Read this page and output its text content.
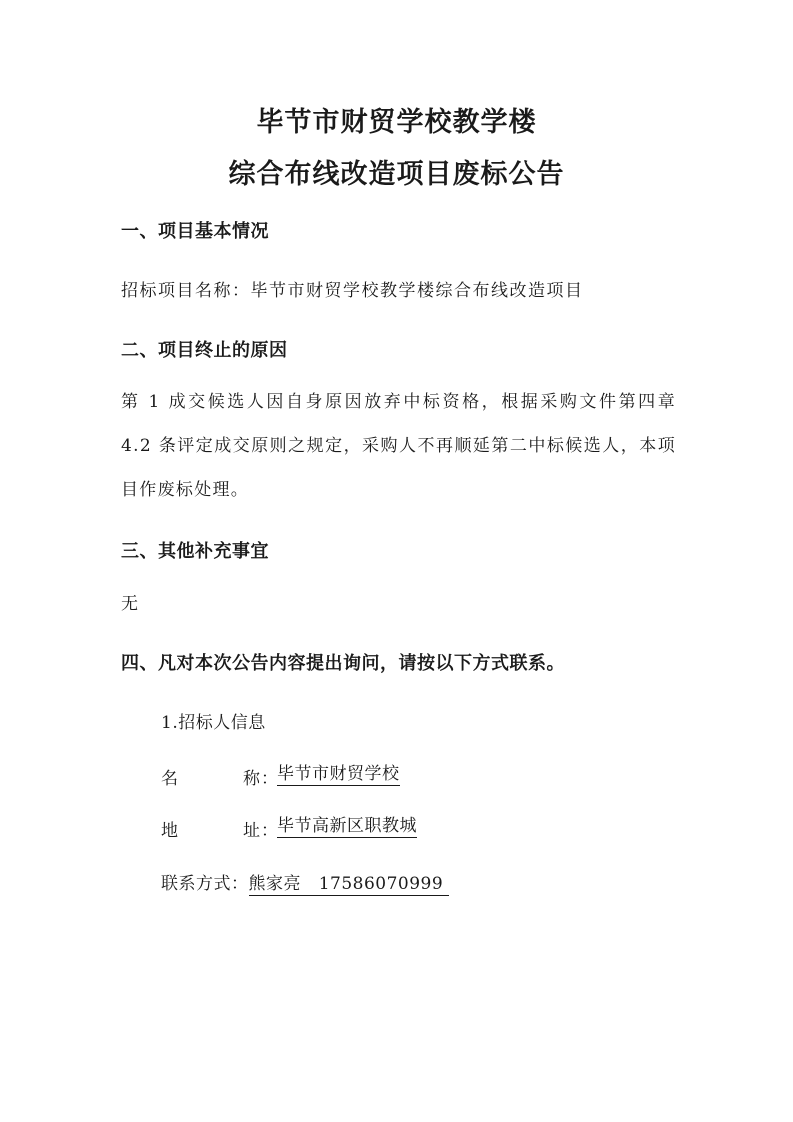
毕节市财贸学校教学楼
综合布线改造项目废标公告
一、项目基本情况
招标项目名称：毕节市财贸学校教学楼综合布线改造项目
二、项目终止的原因
第 1 成交候选人因自身原因放弃中标资格，根据采购文件第四章 4.2 条评定成交原则之规定，采购人不再顺延第二中标候选人，本项目作废标处理。
三、其他补充事宜
无
四、凡对本次公告内容提出询问，请按以下方式联系。
1.招标人信息
名	称 ：
毕节市财贸学校
地	址 ：
毕节高新区职教城
联系方式：熊家亮   17586070999
